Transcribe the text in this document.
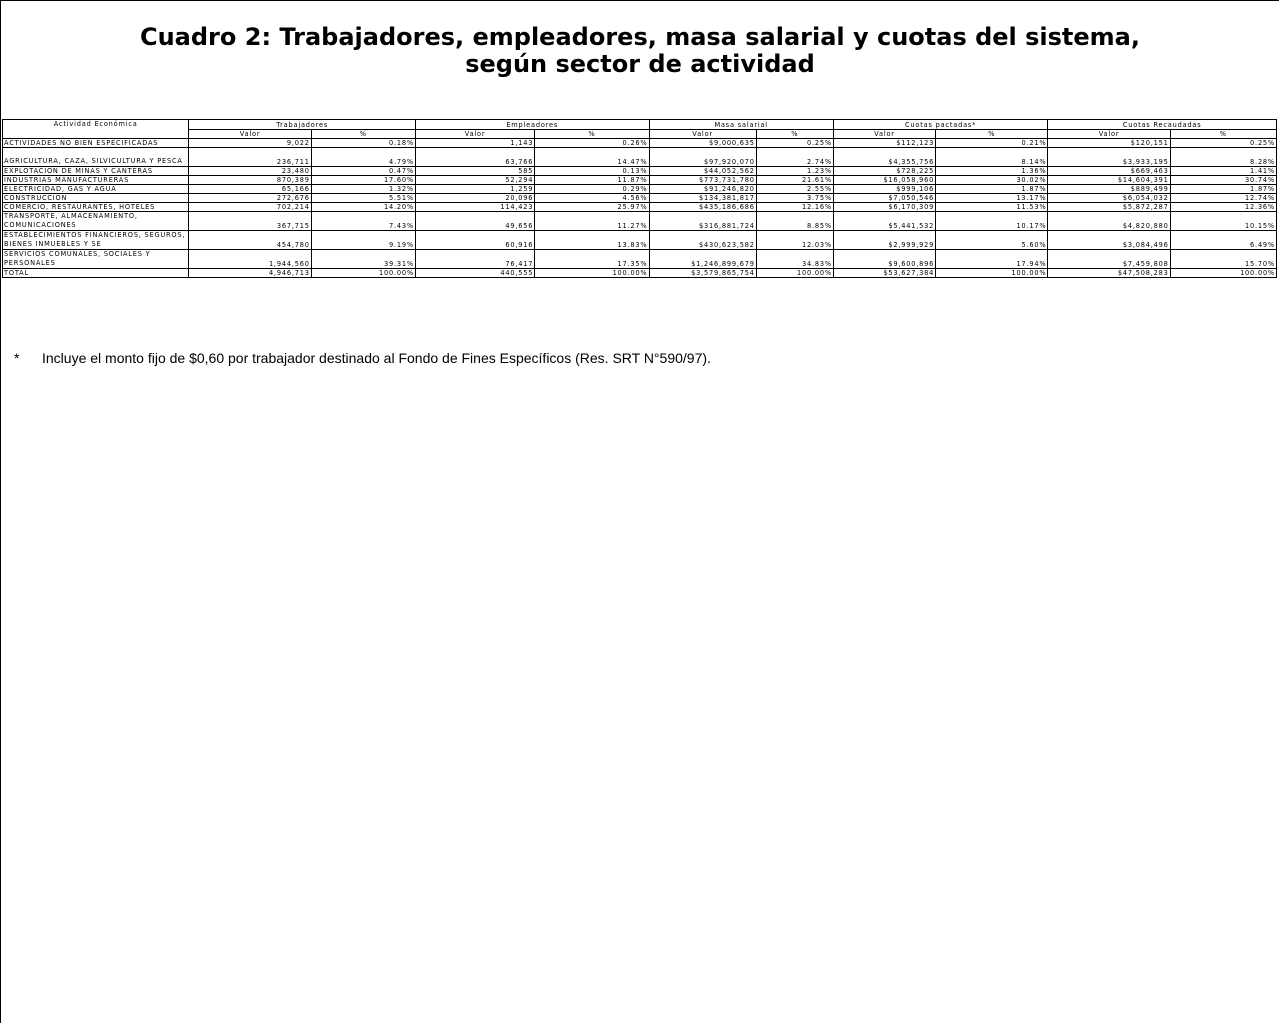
Cuadro 2: Trabajadores, empleadores, masa salarial y cuotas del sistema,
según sector de actividad
Actividad Económica	Trabajadores		Empleadores		Masa salarial		Cuotas pactadas*		Cuotas Recaudadas	
	Valor	%	Valor	%	Valor	%	Valor	%	Valor	%
ACTIVIDADES NO BIEN ESPECIFICADAS	9,022	0.18%	1,143	0.26%	$9,000,635	0.25%	$112,123	0.21%	$120,151	0.25%
AGRICULTURA, CAZA, SILVICULTURA Y PESCA	236,711	4.79%	63,766	14.47%	$97,920,070	2.74%	$4,355,756	8.14%	$3,933,195	8.28%
EXPLOTACION DE MINAS Y CANTERAS	23,480	0.47%	585	0.13%	$44,052,562	1.23%	$728,225	1.36%	$669,463	1.41%
INDUSTRIAS MANUFACTURERAS	870,389	17.60%	52,294	11.87%	$773,731,780	21.61%	$16,058,960	30.02%	$14,604,391	30.74%
ELECTRICIDAD, GAS Y AGUA	65,166	1.32%	1,259	0.29%	$91,246,820	2.55%	$999,106	1.87%	$889,499	1.87%
CONSTRUCCION	272,676	5.51%	20,096	4.56%	$134,381,817	3.75%	$7,050,546	13.17%	$6,054,032	12.74%
COMERCIO, RESTAURANTES, HOTELES	702,214	14.20%	114,423	25.97%	$435,186,686	12.16%	$6,170,309	11.53%	$5,872,287	12.36%
TRANSPORTE, ALMACENAMIENTO, COMUNICACIONES	367,715	7.43%	49,656	11.27%	$316,881,724	8.85%	$5,441,532	10.17%	$4,820,880	10.15%
ESTABLECIMIENTOS FINANCIEROS, SEGUROS, BIENES INMUEBLES Y SE	454,780	9.19%	60,916	13.83%	$430,623,582	12.03%	$2,999,929	5.60%	$3,084,496	6.49%
SERVICIOS COMUNALES, SOCIALES Y PERSONALES	1,944,560	39.31%	76,417	17.35%	$1,246,899,679	34.83%	$9,600,896	17.94%	$7,459,808	15.70%
TOTAL	4,946,713	100.00%	440,555	100.00%	$3,579,865,754	100.00%	$53,627,384	100.00%	$47,508,283	100.00%
* Incluye el monto fijo de $0,60 por trabajador destinado al Fondo de Fines Específicos (Res. SRT N°590/97).
